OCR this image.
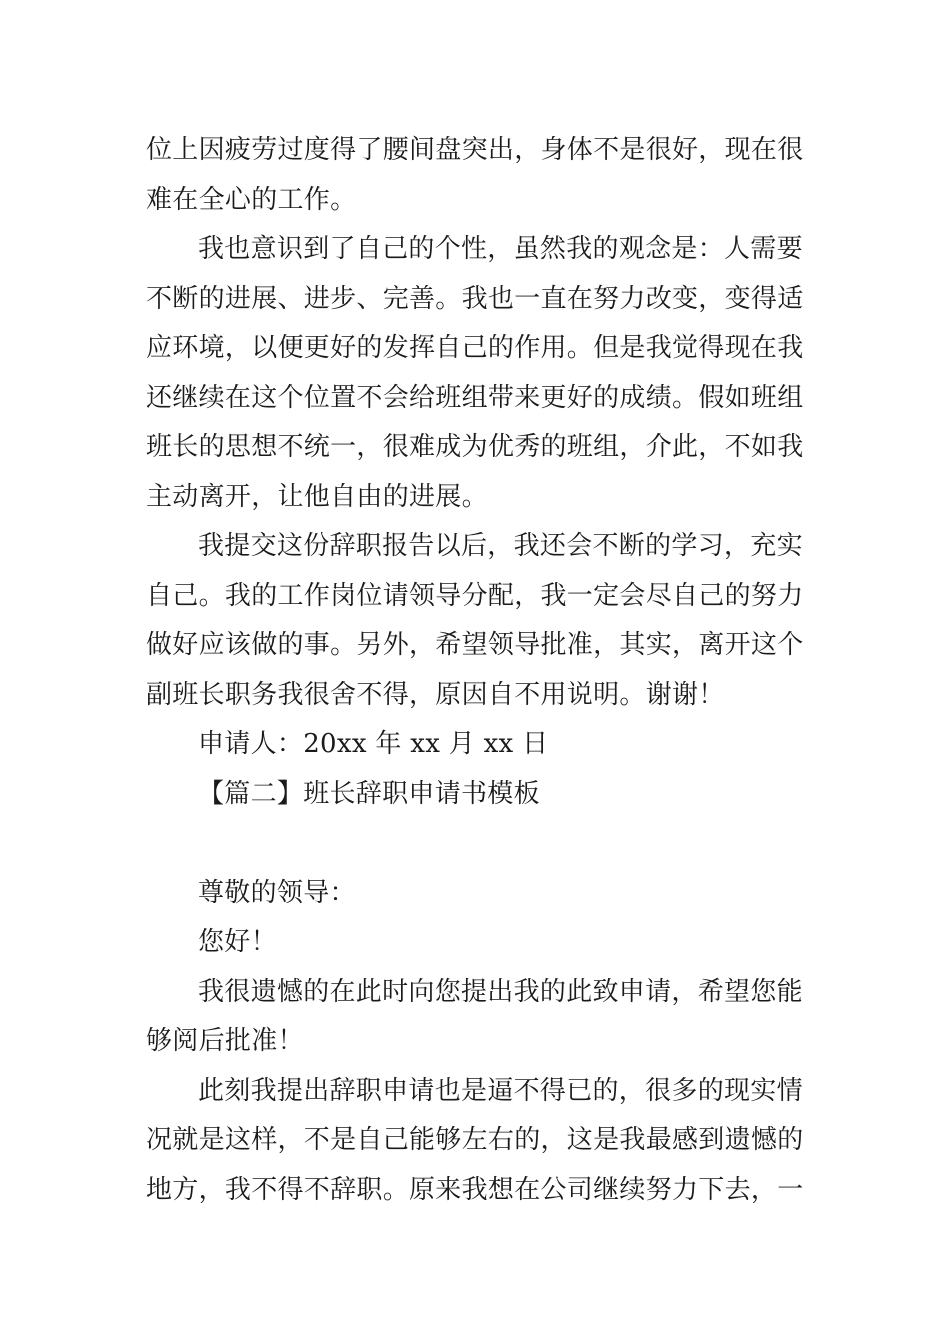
位上因疲劳过度得了腰间盘突出，身体不是很好，现在很
难在全心的工作。
我也意识到了自己的个性，虽然我的观念是：人需要
不断的进展、进步、完善。我也一直在努力改变，变得适
应环境，以便更好的发挥自己的作用。但是我觉得现在我
还继续在这个位置不会给班组带来更好的成绩。假如班组
班长的思想不统一，很难成为优秀的班组，介此，不如我
主动离开，让他自由的进展。
我提交这份辞职报告以后，我还会不断的学习，充实
自己。我的工作岗位请领导分配，我一定会尽自己的努力
做好应该做的事。另外，希望领导批准，其实，离开这个
副班长职务我很舍不得，原因自不用说明。谢谢！
申请人：20xx 年 xx 月 xx 日
【篇二】班长辞职申请书模板
尊敬的领导：
您好！
我很遗憾的在此时向您提出我的此致申请，希望您能
够阅后批准！
此刻我提出辞职申请也是逼不得已的，很多的现实情
况就是这样，不是自己能够左右的，这是我最感到遗憾的
地方，我不得不辞职。原来我想在公司继续努力下去，一
